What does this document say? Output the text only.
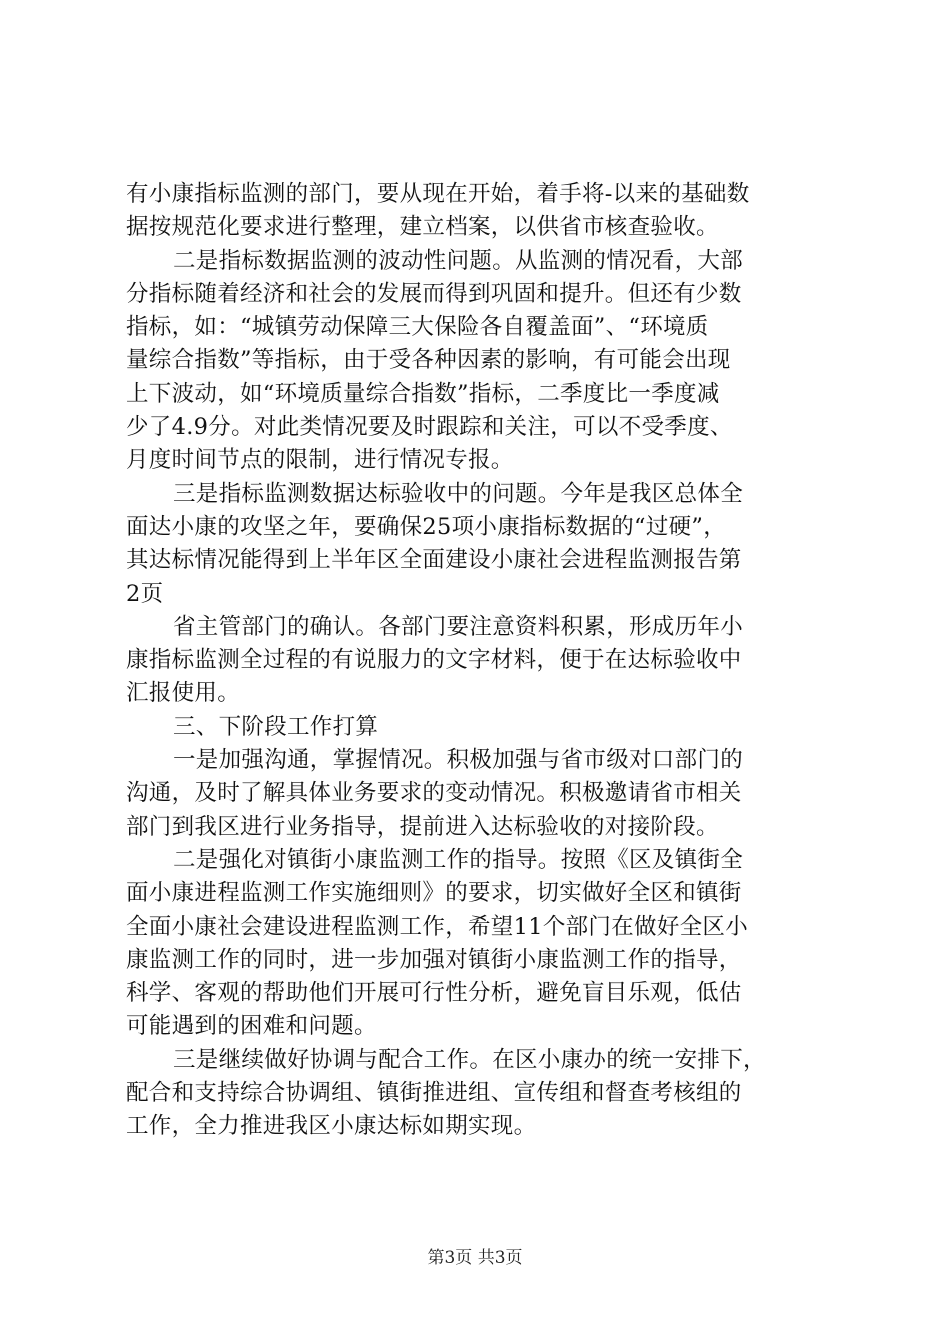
有小康指标监测的部门，要从现在开始，着手将-以来的基础数
据按规范化要求进行整理，建立档案，以供省市核查验收。
二是指标数据监测的波动性问题。从监测的情况看，大部
分指标随着经济和社会的发展而得到巩固和提升。但还有少数
指标，如：“城镇劳动保障三大保险各自覆盖面”、“环境质
量综合指数”等指标，由于受各种因素的影响，有可能会出现
上下波动，如“环境质量综合指数”指标，二季度比一季度减
少了4.9分。对此类情况要及时跟踪和关注，可以不受季度、
月度时间节点的限制，进行情况专报。
三是指标监测数据达标验收中的问题。今年是我区总体全
面达小康的攻坚之年，要确保25项小康指标数据的“过硬”，
其达标情况能得到上半年区全面建设小康社会进程监测报告第
2页
省主管部门的确认。各部门要注意资料积累，形成历年小
康指标监测全过程的有说服力的文字材料，便于在达标验收中
汇报使用。
三、下阶段工作打算
一是加强沟通，掌握情况。积极加强与省市级对口部门的
沟通，及时了解具体业务要求的变动情况。积极邀请省市相关
部门到我区进行业务指导，提前进入达标验收的对接阶段。
二是强化对镇街小康监测工作的指导。按照《区及镇街全
面小康进程监测工作实施细则》的要求，切实做好全区和镇街
全面小康社会建设进程监测工作，希望11个部门在做好全区小
康监测工作的同时，进一步加强对镇街小康监测工作的指导，
科学、客观的帮助他们开展可行性分析，避免盲目乐观，低估
可能遇到的困难和问题。
三是继续做好协调与配合工作。在区小康办的统一安排下，
配合和支持综合协调组、镇街推进组、宣传组和督查考核组的
工作，全力推进我区小康达标如期实现。
第3页 共3页
